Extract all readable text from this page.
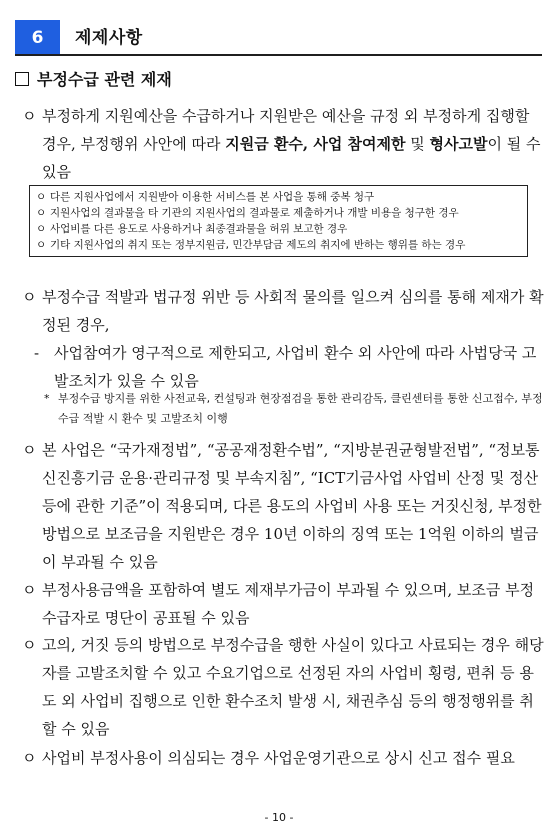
6	제제사항
부정수급 관련 제재
ㅇ 부정하게 지원예산을 수급하거나 지원받은 예산을 규정 외 부정하게 집행할 경우, 부정행위 사안에 따라 지원금 환수, 사업 참여제한 및 형사고발이 될 수 있음
ㅇ 다른 지원사업에서 지원받아 이용한 서비스를 본 사업을 통해 중복 청구
ㅇ 지원사업의 결과물을 타 기관의 지원사업의 결과물로 제출하거나 개발 비용을 청구한 경우
ㅇ 사업비를 다른 용도로 사용하거나 최종결과물을 허위 보고한 경우
ㅇ 기타 지원사업의 취지 또는 정부지원금, 민간부담금 제도의 취지에 반하는 행위를 하는 경우
ㅇ 부정수급 적발과 법규정 위반 등 사회적 물의를 일으켜 심의를 통해 제재가 확정된 경우,
- 사업참여가 영구적으로 제한되고, 사업비 환수 외 사안에 따라 사법당국 고발조치가 있을 수 있음
* 부정수급 방지를 위한 사전교육, 컨설팅과 현장점검을 통한 관리감독, 클린센터를 통한 신고접수, 부정수급 적발 시 환수 및 고발조치 이행
ㅇ 본 사업은 “국가재정법”, “공공재정환수법”, “지방분권균형발전법”, “정보통신진흥기금 운용·관리규정 및 부속지침”, “ICT기금사업 사업비 산정 및 정산 등에 관한 기준”이 적용되며, 다른 용도의 사업비 사용 또는 거짓신청, 부정한 방법으로 보조금을 지원받은 경우 10년 이하의 징역 또는 1억원 이하의 벌금이 부과될 수 있음
ㅇ 부정사용금액을 포함하여 별도 제재부가금이 부과될 수 있으며, 보조금 부정수급자로 명단이 공표될 수 있음
ㅇ 고의, 거짓 등의 방법으로 부정수급을 행한 사실이 있다고 사료되는 경우 해당자를 고발조치할 수 있고 수요기업으로 선정된 자의 사업비 횡령, 편취 등 용도 외 사업비 집행으로 인한 환수조치 발생 시, 채권추심 등의 행정행위를 취할 수 있음
ㅇ 사업비 부정사용이 의심되는 경우 사업운영기관으로 상시 신고 접수 필요
- 10 -
